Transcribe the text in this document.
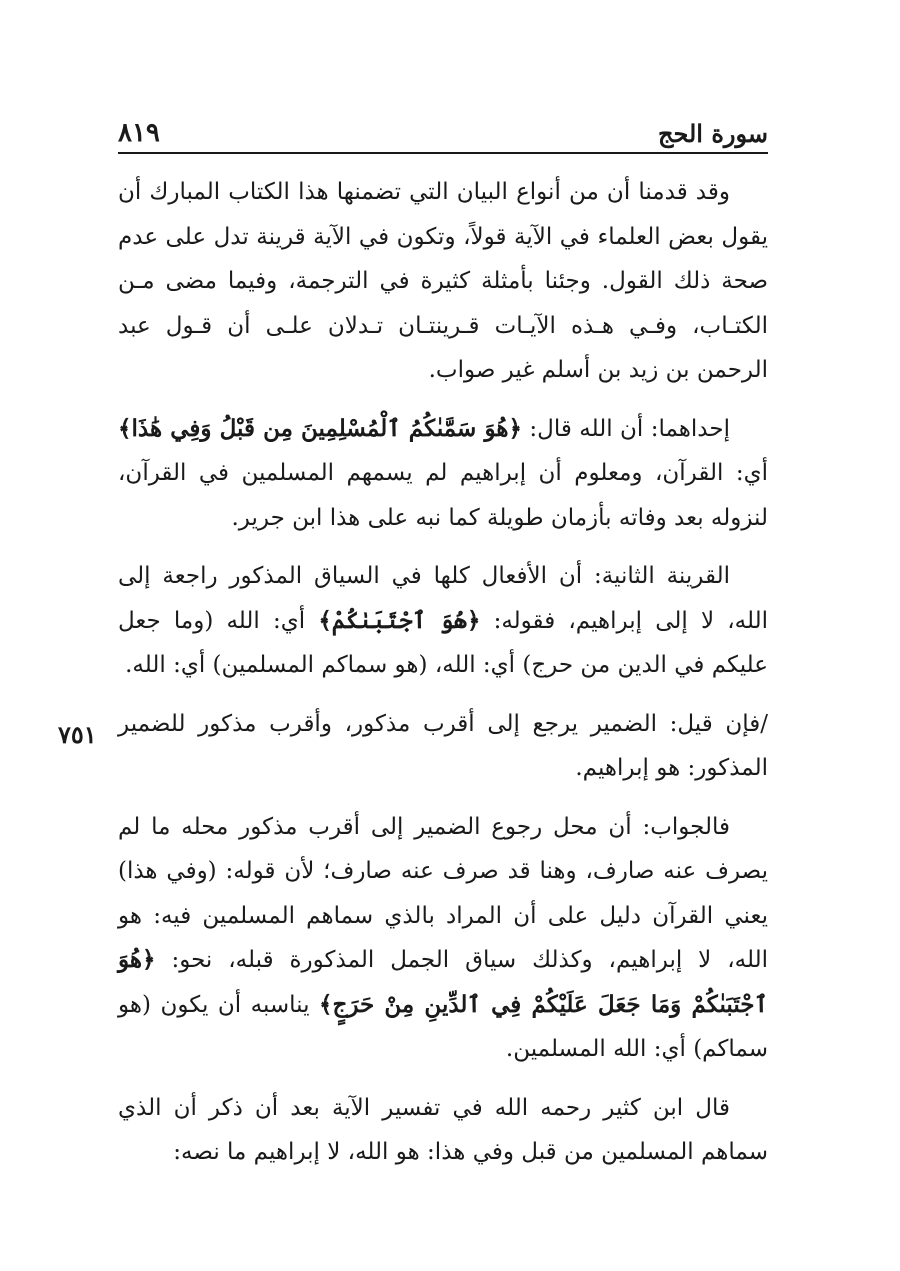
سورة الحج
٨١٩
٧٥١

وقد قدمنا أن من أنواع البيان التي تضمنها هذا الكتاب المبارك أن يقول بعض العلماء في الآية قولاً، وتكون في الآية قرينة تدل على عدم صحة ذلك القول. وجئنا بأمثلة كثيرة في الترجمة، وفيما مضى مـن الكتـاب، وفـي هـذه الآيـات قـرينتـان تـدلان علـى أن قـول عبد الرحمن بن زيد بن أسلم غير صواب.

إحداهما: أن الله قال: ﴿هُوَ سَمَّىٰكُمُ ٱلْمُسْلِمِينَ مِن قَبْلُ وَفِي هَٰذَا﴾ أي: القرآن، ومعلوم أن إبراهيم لم يسمهم المسلمين في القرآن، لنزوله بعد وفاته بأزمان طويلة كما نبه على هذا ابن جرير.

القرينة الثانية: أن الأفعال كلها في السياق المذكور راجعة إلى الله، لا إلى إبراهيم، فقوله: ﴿هُوَ ٱجْتَبَىٰكُمْ﴾ أي: الله (وما جعل عليكم في الدين من حرج) أي: الله، (هو سماكم المسلمين) أي: الله.

/فإن قيل: الضمير يرجع إلى أقرب مذكور، وأقرب مذكور للضمير المذكور: هو إبراهيم.

فالجواب: أن محل رجوع الضمير إلى أقرب مذكور محله ما لم يصرف عنه صارف، وهنا قد صرف عنه صارف؛ لأن قوله: (وفي هذا) يعني القرآن دليل على أن المراد بالذي سماهم المسلمين فيه: هو الله، لا إبراهيم، وكذلك سياق الجمل المذكورة قبله، نحو: ﴿هُوَ ٱجْتَبَىٰكُمْ وَمَا جَعَلَ عَلَيْكُمْ فِي ٱلدِّينِ مِنْ حَرَجٍ﴾ يناسبه أن يكون (هو سماكم) أي: الله المسلمين.

قال ابن كثير رحمه الله في تفسير الآية بعد أن ذكر أن الذي سماهم المسلمين من قبل وفي هذا: هو الله، لا إبراهيم ما نصه:
